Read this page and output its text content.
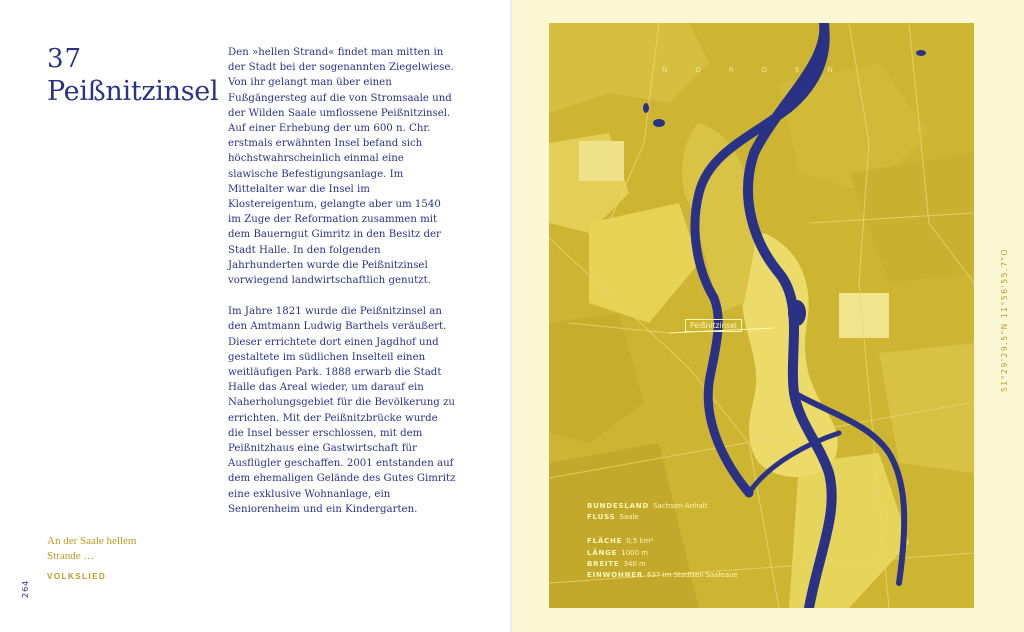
37
Peißnitzinsel

Den »hellen Strand« findet man mitten in der Stadt bei der sogenannten Ziegelwiese. Von ihr gelangt man über einen Fußgängersteg auf die von Stromsaale und der Wilden Saale umflossene Peißnitzinsel. Auf einer Erhebung der um 600 n. Chr. erstmals erwähnten Insel befand sich höchstwahrscheinlich einmal eine slawische Befestigungsanlage. Im Mittelalter war die Insel im Klostereigentum, gelangte aber um 1540 im Zuge der Reformation zusammen mit dem Bauerngut Gimritz in den Besitz der Stadt Halle. In den folgenden Jahrhunderten wurde die Peißnitzinsel vorwiegend landwirtschaftlich genutzt.

Im Jahre 1821 wurde die Peißnitzinsel an den Amtmann Ludwig Barthels veräußert. Dieser errichtete dort einen Jagdhof und gestaltete im südlichen Inselteil einen weitläufigen Park. 1888 erwarb die Stadt Halle das Areal wieder, um darauf ein Naherholungsgebiet für die Bevölkerung zu errichten. Mit der Peißnitzbrücke wurde die Insel besser erschlossen, mit dem Peißnitzhaus eine Gastwirtschaft für Ausflügler geschaffen. 2001 entstanden auf dem ehemaligen Gelände des Gutes Gimritz eine exklusive Wohnanlage, ein Seniorenheim und ein Kindergarten.

An der Saale hellem Strande …
VOLKSLIED
264
NORDEN
Peißnitzinsel
BUNDESLAND Sachsen-Anhalt
FLUSS Saale
FLÄCHE 0,5 km²
LÄNGE 1000 m
BREITE 340 m
EINWOHNER 637 im Stadtteil Saaleaue
51°29'29.5"N 11°56'55.7"O
